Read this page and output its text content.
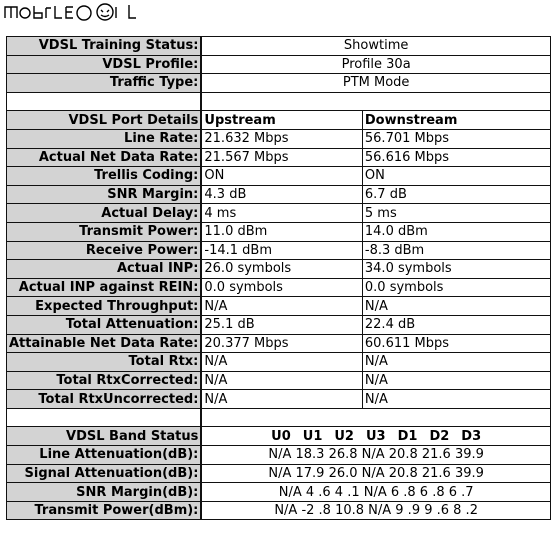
VDSL Training Status:	Showtime	
VDSL Profile:	Profile 30a	
Traffic Type:	PTM Mode	

VDSL Port Details	Upstream	Downstream
Line Rate:	21.632 Mbps	56.701 Mbps
Actual Net Data Rate:	21.567 Mbps	56.616 Mbps
Trellis Coding:	ON	ON
SNR Margin:	4.3 dB	6.7 dB
Actual Delay:	4 ms	5 ms
Transmit Power:	11.0 dBm	14.0 dBm
Receive Power:	-14.1 dBm	-8.3 dBm
Actual INP:	26.0 symbols	34.0 symbols
Actual INP against REIN:	0.0 symbols	0.0 symbols
Expected Throughput:	N/A	N/A
Total Attenuation:	25.1 dB	22.4 dB
Attainable Net Data Rate:	20.377 Mbps	60.611 Mbps
Total Rtx:	N/A	N/A
Total RtxCorrected:	N/A	N/A
Total RtxUncorrected:	N/A	N/A

VDSL Band Status	U0 U1 U2 U3 D1 D2 D3	
Line Attenuation(dB):	N/A 18.3 26.8 N/A 20.8 21.6 39.9	
Signal Attenuation(dB):	N/A 17.9 26.0 N/A 20.8 21.6 39.9	
SNR Margin(dB):	N/A 4 .6 4 .1 N/A 6 .8 6 .8 6 .7	
Transmit Power(dBm):	N/A -2 .8 10.8 N/A 9 .9 9 .6 8 .2	
